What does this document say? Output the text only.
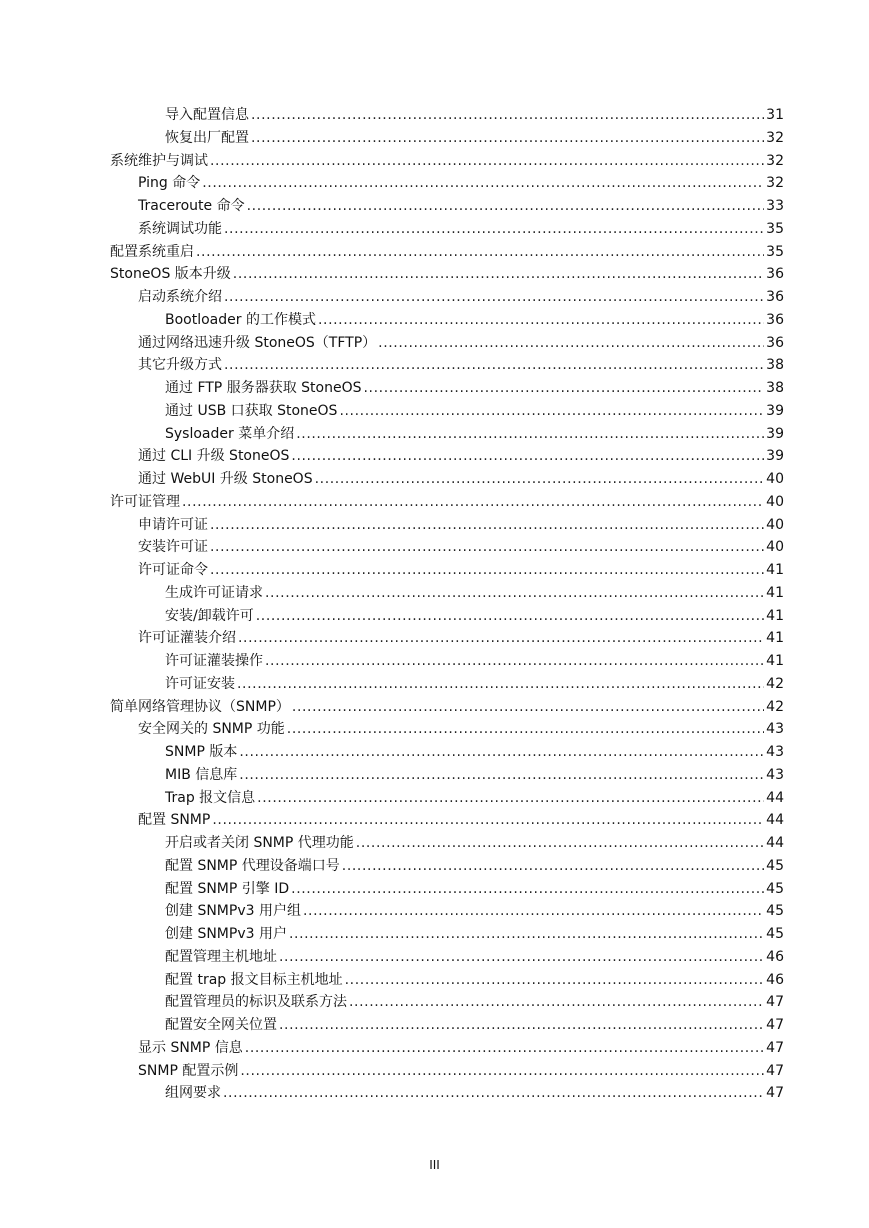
导入配置信息 .....	31
恢复出厂配置 .....	32
系统维护与调试 .....	32
Ping 命令 .....	32
Traceroute 命令 .....	33
系统调试功能 .....	35
配置系统重启 .....	35
StoneOS 版本升级 .....	36
启动系统介绍 .....	36
Bootloader 的工作模式 .....	36
通过网络迅速升级 StoneOS（TFTP） .....	36
其它升级方式 .....	38
通过 FTP 服务器获取 StoneOS .....	38
通过 USB 口获取 StoneOS .....	39
Sysloader 菜单介绍 .....	39
通过 CLI 升级 StoneOS .....	39
通过 WebUI 升级 StoneOS .....	40
许可证管理 .....	40
申请许可证 .....	40
安装许可证 .....	40
许可证命令 .....	41
生成许可证请求 .....	41
安装/卸载许可 .....	41
许可证灌装介绍 .....	41
许可证灌装操作 .....	41
许可证安装 .....	42
简单网络管理协议（SNMP） .....	42
安全网关的 SNMP 功能 .....	43
SNMP 版本 .....	43
MIB 信息库 .....	43
Trap 报文信息 .....	44
配置 SNMP .....	44
开启或者关闭 SNMP 代理功能 .....	44
配置 SNMP 代理设备端口号 .....	45
配置 SNMP 引擎 ID .....	45
创建 SNMPv3 用户组 .....	45
创建 SNMPv3 用户 .....	45
配置管理主机地址 .....	46
配置 trap 报文目标主机地址 .....	46
配置管理员的标识及联系方法 .....	47
配置安全网关位置 .....	47
显示 SNMP 信息 .....	47
SNMP 配置示例 .....	47
组网要求 .....	47
III
